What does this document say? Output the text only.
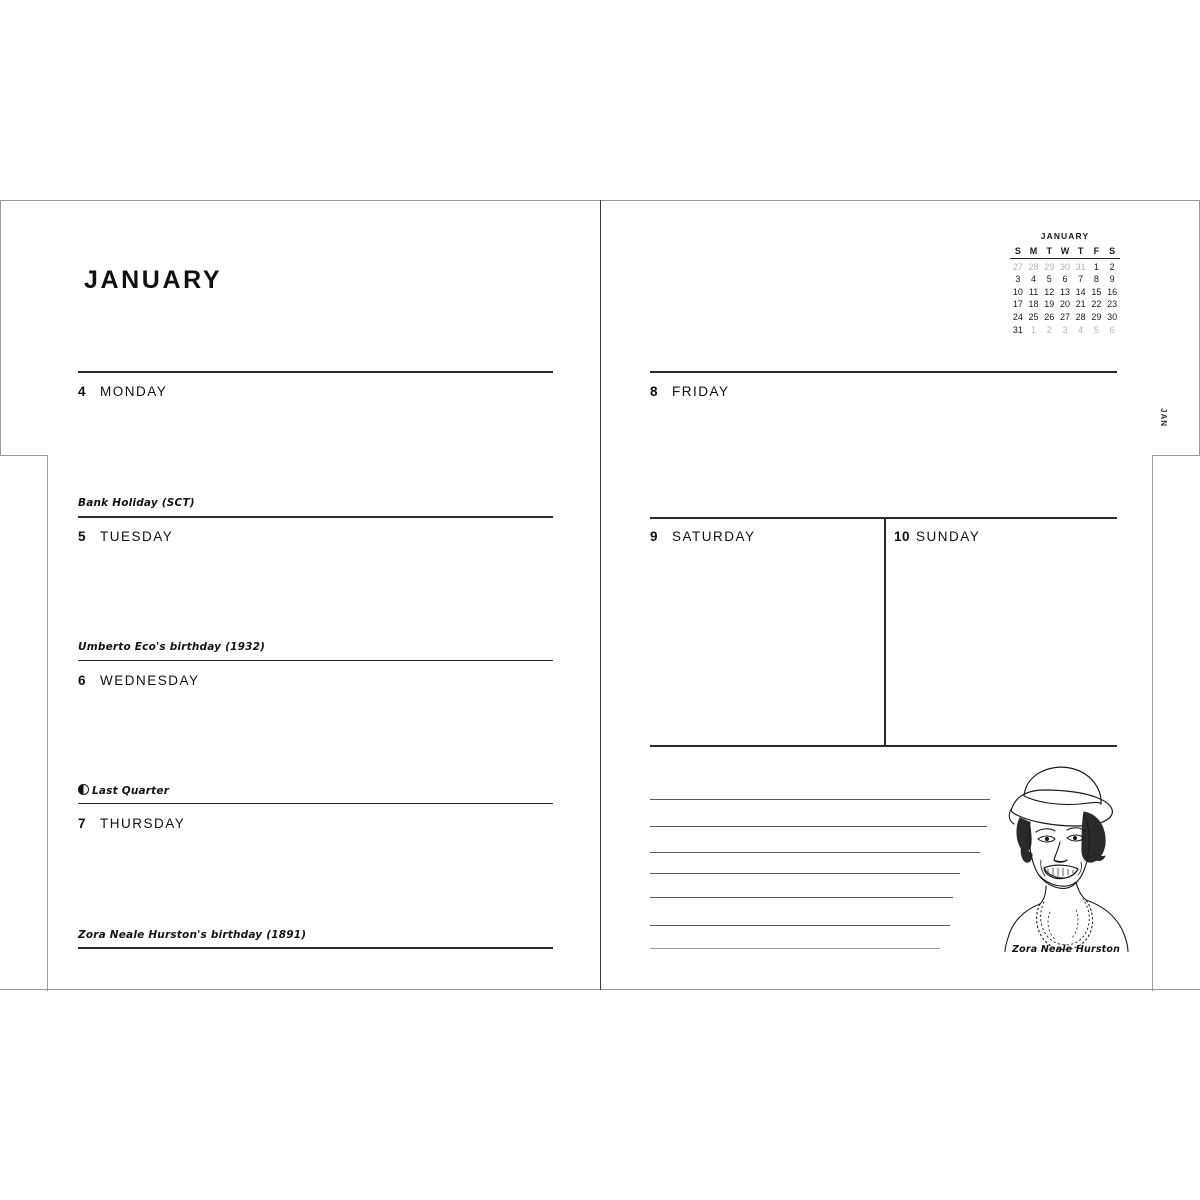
JANUARY
JANUARY
S	M	T	W	T	F	S
27	28	29	30	31	1	2
3	4	5	6	7	8	9
10	11	12	13	14	15	16
17	18	19	20	21	22	23
24	25	26	27	28	29	30
31	1	2	3	4	5	6
JAN
4 MONDAY
Bank Holiday (SCT)
5 TUESDAY
Umberto Eco's birthday (1932)
6 WEDNESDAY
Last Quarter
7 THURSDAY
Zora Neale Hurston's birthday (1891)
8 FRIDAY
9 SATURDAY	10 SUNDAY
Zora Neale Hurston
